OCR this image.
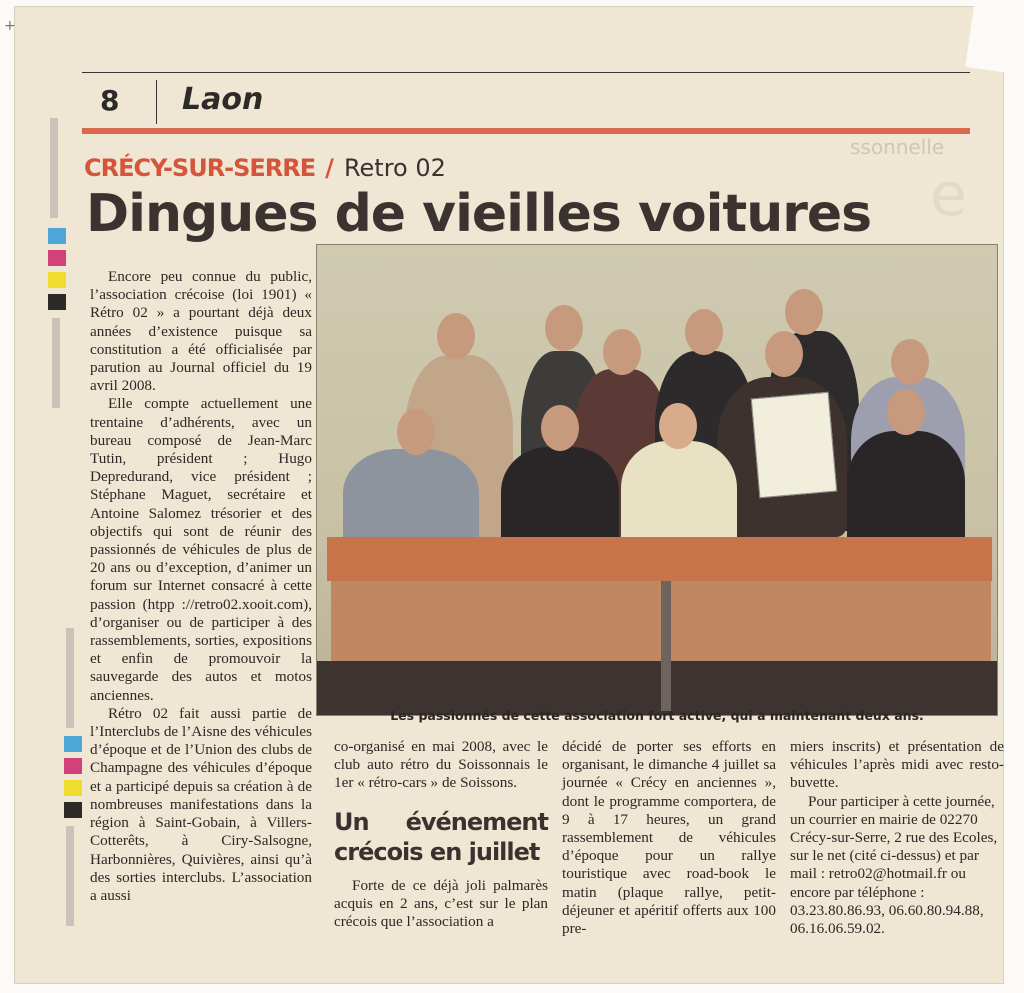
+
8 Laon
ssonnelle
e
CRÉCY-SUR-SERRE / Retro 02
Dingues de vieilles voitures
Les passionnés de cette association fort active, qui a maintenant deux ans.

Encore peu connue du public, l’association crécoise (loi 1901) « Rétro 02 » a pourtant déjà deux années d’existence puisque sa constitution a été officialisée par parution au Journal officiel du 19 avril 2008.

Elle compte actuellement une trentaine d’adhérents, avec un bureau composé de Jean-Marc Tutin, président ; Hugo Depredurand, vice président ; Stéphane Maguet, secrétaire et Antoine Salomez trésorier et des objectifs qui sont de réunir des passionnés de véhicules de plus de 20 ans ou d’exception, d’animer un forum sur Internet consacré à cette passion (htpp ://retro02.xooit.com), d’organiser ou de participer à des rassemblements, sorties, expositions et enfin de promouvoir la sauvegarde des autos et motos anciennes.

Rétro 02 fait aussi partie de l’Interclubs de l’Aisne des véhicules d’époque et de l’Union des clubs de Champagne des véhicules d’époque et a participé depuis sa création à de nombreuses manifestations dans la région à Saint-Gobain, à Villers-Cotterêts, à Ciry-Salsogne, Harbonnières, Quivières, ainsi qu’à des sorties interclubs. L’association a aussi

co-organisé en mai 2008, avec le club auto rétro du Soissonnais le 1er « rétro-cars » de Soissons.

Un événement crécois en juillet

Forte de ce déjà joli palmarès acquis en 2 ans, c’est sur le plan crécois que l’association a

décidé de porter ses efforts en organisant, le dimanche 4 juillet sa journée « Crécy en anciennes », dont le programme comportera, de 9 à 17 heures, un grand rassemblement de véhicules d’époque pour un rallye touristique avec road-book le matin (plaque rallye, petit-déjeuner et apéritif offerts aux 100 pre-

miers inscrits) et présentation de véhicules l’après midi avec resto-buvette.

Pour participer à cette journée, un courrier en mairie de 02270 Crécy-sur-Serre, 2 rue des Ecoles, sur le net (cité ci-dessus) et par mail : retro02@hotmail.fr ou encore par téléphone : 03.23.80.86.93, 06.60.80.94.88, 06.16.06.59.02.
